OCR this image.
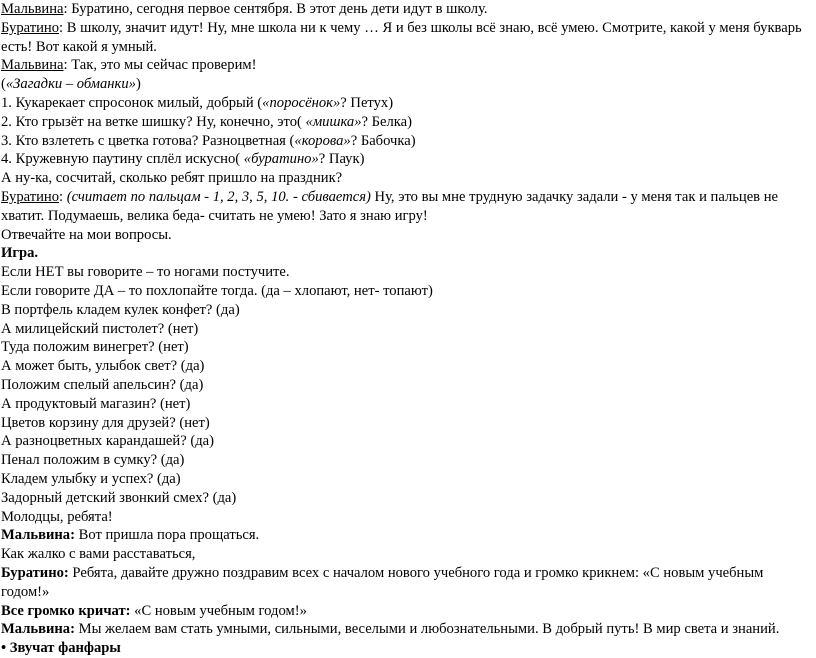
Мальвина: Буратино, сегодня первое сентября. В этот день дети идут в школу.

Буратино: В школу, значит идут! Ну, мне школа ни к чему … Я и без школы всё знаю, всё умею. Смотрите, какой у меня букварь есть! Вот какой я умный.

Мальвина: Так, это мы сейчас проверим!

(«Загадки – обманки»)

1. Кукарекает спросонок милый, добрый («поросёнок»? Петух)

2. Кто грызёт на ветке шишку? Ну, конечно, это( «мишка»? Белка)

3. Кто взлететь с цветка готова? Разноцветная («корова»? Бабочка)

4. Кружевную паутину сплёл искусно( «буратино»? Паук)

А ну-ка, сосчитай, сколько ребят пришло на праздник?

Буратино: (считает по пальцам - 1, 2, 3, 5, 10. - сбивается) Ну, это вы мне трудную задачку задали - у меня так и пальцев не хватит. Подумаешь, велика беда- считать не умею! Зато я знаю игру!

Отвечайте на мои вопросы.

Игра.

Если НЕТ вы говорите – то ногами постучите.

Если говорите ДА – то похлопайте тогда. (да – хлопают, нет- топают)

В портфель кладем кулек конфет? (да)

А милицейский пистолет? (нет)

Туда положим винегрет? (нет)

А может быть, улыбок свет? (да)

Положим спелый апельсин? (да)

А продуктовый магазин? (нет)

Цветов корзину для друзей? (нет)

А разноцветных карандашей? (да)

Пенал положим в сумку? (да)

Кладем улыбку и успех? (да)

Задорный детский звонкий смех? (да)

Молодцы, ребята!

Мальвина: Вот пришла пора прощаться.

Как жалко с вами расставаться,

Буратино: Ребята, давайте дружно поздравим всех с началом нового учебного года и громко крикнем: «С новым учебным годом!»

Все громко кричат: «С новым учебным годом!»

Мальвина: Мы желаем вам стать умными, сильными, веселыми и любознательными. В добрый путь! В мир света и знаний.

• Звучат фанфары
